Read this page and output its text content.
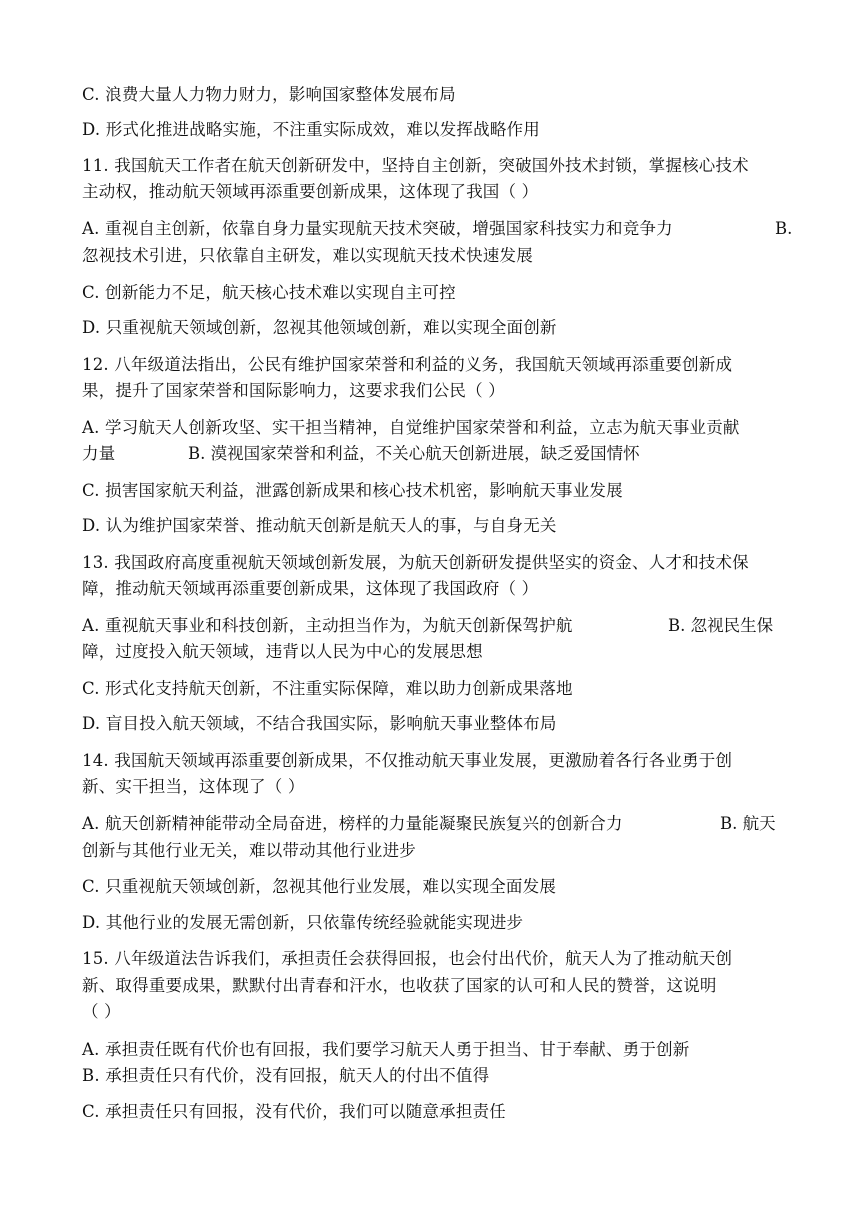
C. 浪费大量人力物力财力，影响国家整体发展布局
D. 形式化推进战略实施，不注重实际成效，难以发挥战略作用
11. 我国航天工作者在航天创新研发中，坚持自主创新，突破国外技术封锁，掌握核心技术
主动权，推动航天领域再添重要创新成果，这体现了我国（ ）
A. 重视自主创新，依靠自身力量实现航天技术突破，增强国家科技实力和竞争力	B.
忽视技术引进，只依靠自主研发，难以实现航天技术快速发展
C. 创新能力不足，航天核心技术难以实现自主可控
D. 只重视航天领域创新，忽视其他领域创新，难以实现全面创新
12. 八年级道法指出，公民有维护国家荣誉和利益的义务，我国航天领域再添重要创新成
果，提升了国家荣誉和国际影响力，这要求我们公民（ ）
A. 学习航天人创新攻坚、实干担当精神，自觉维护国家荣誉和利益，立志为航天事业贡献
力量	B. 漠视国家荣誉和利益，不关心航天创新进展，缺乏爱国情怀
C. 损害国家航天利益，泄露创新成果和核心技术机密，影响航天事业发展
D. 认为维护国家荣誉、推动航天创新是航天人的事，与自身无关
13. 我国政府高度重视航天领域创新发展，为航天创新研发提供坚实的资金、人才和技术保
障，推动航天领域再添重要创新成果，这体现了我国政府（ ）
A. 重视航天事业和科技创新，主动担当作为，为航天创新保驾护航	B. 忽视民生保
障，过度投入航天领域，违背以人民为中心的发展思想
C. 形式化支持航天创新，不注重实际保障，难以助力创新成果落地
D. 盲目投入航天领域，不结合我国实际，影响航天事业整体布局
14. 我国航天领域再添重要创新成果，不仅推动航天事业发展，更激励着各行各业勇于创
新、实干担当，这体现了（ ）
A. 航天创新精神能带动全局奋进，榜样的力量能凝聚民族复兴的创新合力	B. 航天
创新与其他行业无关，难以带动其他行业进步
C. 只重视航天领域创新，忽视其他行业发展，难以实现全面发展
D. 其他行业的发展无需创新，只依靠传统经验就能实现进步
15. 八年级道法告诉我们，承担责任会获得回报，也会付出代价，航天人为了推动航天创
新、取得重要成果，默默付出青春和汗水，也收获了国家的认可和人民的赞誉，这说明
（ ）
A. 承担责任既有代价也有回报，我们要学习航天人勇于担当、甘于奉献、勇于创新
B. 承担责任只有代价，没有回报，航天人的付出不值得
C. 承担责任只有回报，没有代价，我们可以随意承担责任
